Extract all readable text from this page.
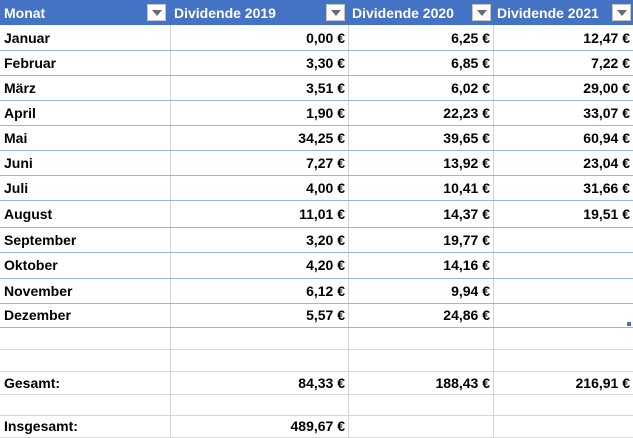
Monat	Dividende 2019	Dividende 2020	Dividende 2021
Januar	0,00 €	6,25 €	12,47 €
Februar	3,30 €	6,85 €	7,22 €
März	3,51 €	6,02 €	29,00 €
April	1,90 €	22,23 €	33,07 €
Mai	34,25 €	39,65 €	60,94 €
Juni	7,27 €	13,92 €	23,04 €
Juli	4,00 €	10,41 €	31,66 €
August	11,01 €	14,37 €	19,51 €
September	3,20 €	19,77 €
Oktober	4,20 €	14,16 €
November	6,12 €	9,94 €
Dezember	5,57 €	24,86 €
Gesamt:	84,33 €	188,43 €	216,91 €
Insgesamt:	489,67 €
